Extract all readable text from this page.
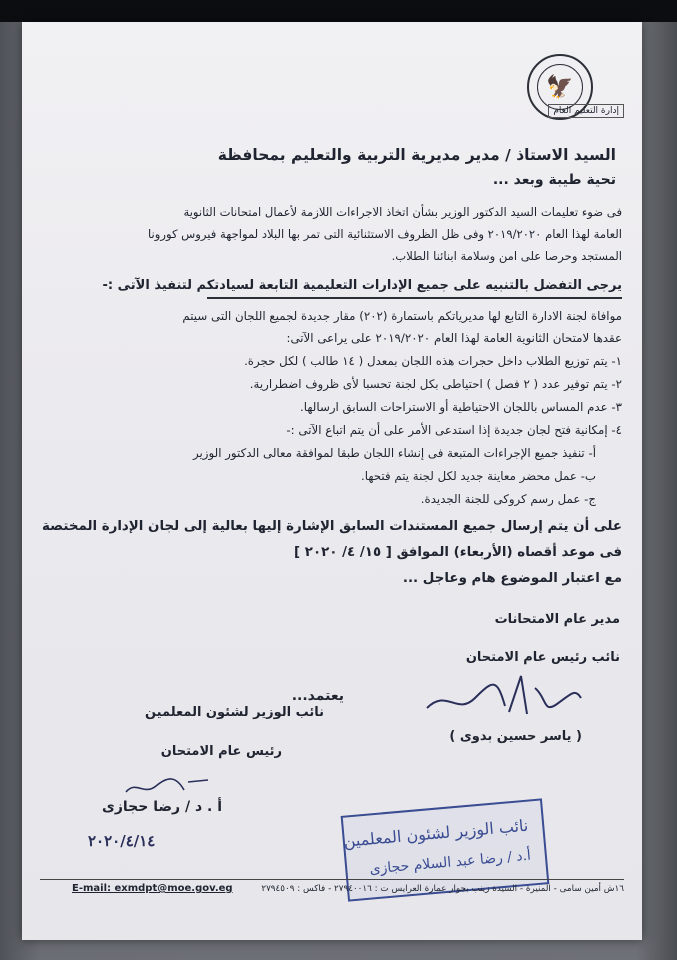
🦅
إدارة التعليم العام
السيد الاستاذ / مدير مديرية التربية والتعليم بمحافظة
تحية طيبة وبعد ...
فى ضوء تعليمات السيد الدكتور الوزير بشأن اتخاذ الاجراءات اللازمة لأعمال امتحانات الثانوية
العامة لهذا العام ٢٠١٩/٢٠٢٠ وفى ظل الظروف الاستثنائية التى تمر بها البلاد لمواجهة فيروس كورونا
المستجد وحرصا على امن وسلامة ابنائنا الطلاب.
يرجى التفضل بالتنبيه على جميع الإدارات التعليمية التابعة لسيادتكم لتنفيذ الآتى :-
موافاة لجنة الادارة التابع لها مديرياتكم باستمارة (٢٠٢) مقار جديدة لجميع اللجان التى سيتم
عقدها لامتحان الثانوية العامة لهذا العام ٢٠١٩/٢٠٢٠ على يراعى الآتى:
١- يتم توزيع الطلاب داخل حجرات هذه اللجان بمعدل ( ١٤ طالب ) لكل حجرة.
٢- يتم توفير عدد ( ٢ فصل ) احتياطى بكل لجنة تحسبا لأى ظروف اضطرارية.
٣- عدم المساس باللجان الاحتياطية أو الاستراحات السابق ارسالها.
٤- إمكانية فتح لجان جديدة إذا استدعى الأمر على أن يتم اتباع الآتى :-
أ- تنفيذ جميع الإجراءات المتبعة فى إنشاء اللجان طبقا لموافقة معالى الدكتور الوزير
ب- عمل محضر معاينة جديد لكل لجنة يتم فتحها.
ج- عمل رسم كروكى للجنة الجديدة.
على أن يتم إرسال جميع المستندات السابق الإشارة إليها بعالية إلى لجان الإدارة المختصة
فى موعد أقصاه (الأربعاء) الموافق [ ١٥/ ٤/ ٢٠٢٠ ]
مع اعتبار الموضوع هام وعاجل ...
مدير عام الامتحانات
نائب رئيس عام الامتحان
( ياسر حسين بدوى )
يعتمد...
نائب الوزير لشئون المعلمين
رئيس عام الامتحان
أ . د / رضا حجازى
٢٠٢٠/٤/١٤	نائب الوزير لشئون المعلمين
أ.د / رضا عبد السلام حجازى
١٦ش أمين سامى - المنيرة - السيدة زينب بجوار عمارة العرايس ت : ٢٧٩٤٠٠١٦ - فاكس : ٢٧٩٤٥٠٩
E-mail: exmdpt@moe.gov.eg
